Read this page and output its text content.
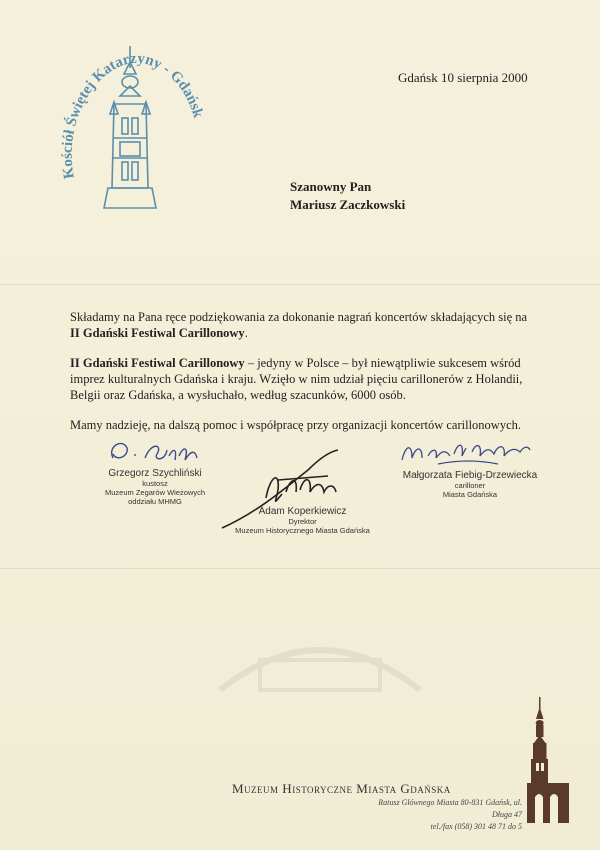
Kościół Świętej Katarzyny - Gdańsk
Gdańsk 10 sierpnia 2000
Szanowny Pan
Mariusz Zaczkowski

Składamy na Pana ręce podziękowania za dokonanie nagrań koncertów składających się na
II Gdański Festiwal Carillonowy.

II Gdański Festiwal Carillonowy – jedyny w Polsce – był niewątpliwie sukcesem wśród imprez kulturalnych Gdańska i kraju. Wzięło w nim udział pięciu carillonerów z Holandii, Belgii oraz Gdańska, a wysłuchało, według szacunków, 6000 osób.

Mamy nadzieję, na dalszą pomoc i współpracę przy organizacji koncertów carillonowych.

Grzegorz Szychliński
kustosz
Muzeum Zegarów Wieżowych
oddziału MHMG
Adam Koperkiewicz
Dyrektor
Muzeum Historycznego Miasta Gdańska
Małgorzata Fiebig-Drzewiecka
carilloner
Miasta Gdańska
Muzeum Historyczne Miasta Gdańska
Ratusz Głównego Miasta 80-831 Gdańsk, ul. Długa 47
tel./fax (058) 301 48 71 do 5
